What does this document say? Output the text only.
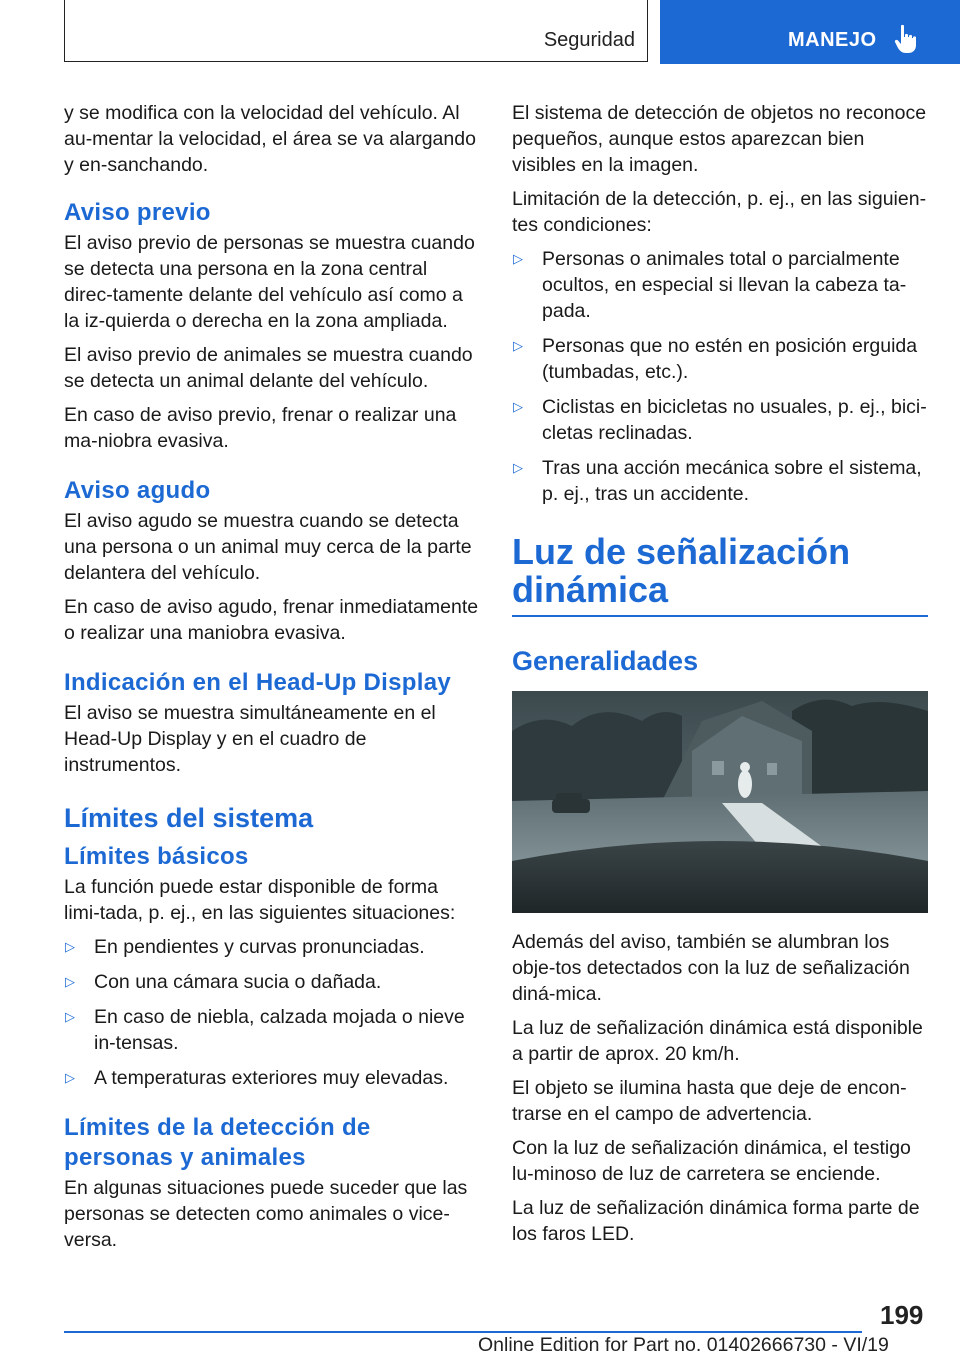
Seguridad	MANEJO

y se modifica con la velocidad del vehículo. Al au‐mentar la velocidad, el área se va alargando y en‐sanchando.

Aviso previo

El aviso previo de personas se muestra cuando se detecta una persona en la zona central direc‐tamente delante del vehículo así como a la iz‐quierda o derecha en la zona ampliada.

El aviso previo de animales se muestra cuando se detecta un animal delante del vehículo.

En caso de aviso previo, frenar o realizar una ma‐niobra evasiva.

Aviso agudo

El aviso agudo se muestra cuando se detecta una persona o un animal muy cerca de la parte delantera del vehículo.

En caso de aviso agudo, frenar inmediatamente o realizar una maniobra evasiva.

Indicación en el Head-Up Display

El aviso se muestra simultáneamente en el Head-Up Display y en el cuadro de instrumentos.

Límites del sistema
Límites básicos

La función puede estar disponible de forma limi‐tada, p. ej., en las siguientes situaciones:

▷ En pendientes y curvas pronunciadas.
▷ Con una cámara sucia o dañada.
▷ En caso de niebla, calzada mojada o nieve in‐tensas.
▷ A temperaturas exteriores muy elevadas.
Límites de la detección de personas y animales

En algunas situaciones puede suceder que las personas se detecten como animales o vice‐versa.

El sistema de detección de objetos no reconoce pequeños, aunque estos aparezcan bien visibles en la imagen.

Limitación de la detección, p. ej., en las siguien‐tes condiciones:

▷ Personas o animales total o parcialmente ocultos, en especial si llevan la cabeza ta‐pada.
▷ Personas que no estén en posición erguida (tumbadas, etc.).
▷ Ciclistas en bicicletas no usuales, p. ej., bici‐cletas reclinadas.
▷ Tras una acción mecánica sobre el sistema, p. ej., tras un accidente.
Luz de señalización dinámica
Generalidades

Además del aviso, también se alumbran los obje‐tos detectados con la luz de señalización diná‐mica.

La luz de señalización dinámica está disponible a partir de aprox. 20 km/h.

El objeto se ilumina hasta que deje de encon‐trarse en el campo de advertencia.

Con la luz de señalización dinámica, el testigo lu‐minoso de luz de carretera se enciende.

La luz de señalización dinámica forma parte de los faros LED.

199
Online Edition for Part no. 01402666730 - VI/19
